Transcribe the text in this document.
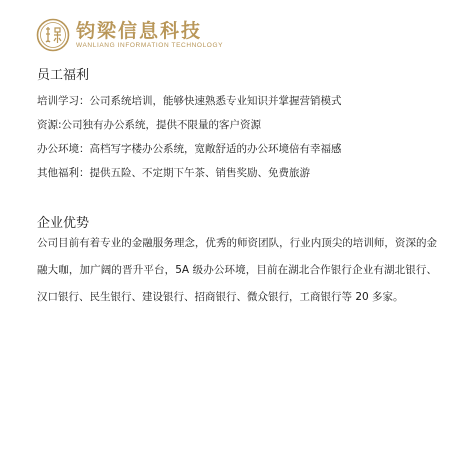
钧梁信息科技
WANLIANG INFORMATION TECHNOLOGY
员工福利
培训学习：公司系统培训，能够快速熟悉专业知识并掌握营销模式
资源:公司独有办公系统，提供不限量的客户资源
办公环境：高档写字楼办公系统，宽敞舒适的办公环境倍有幸福感
其他福利：提供五险、不定期下午茶、销售奖励、免费旅游
企业优势
公司目前有着专业的金融服务理念，优秀的师资团队，行业内顶尖的培训师，资深的金融大咖，加广阔的晋升平台，5A 级办公环境，目前在湖北合作银行企业有湖北银行、汉口银行、民生银行、建设银行、招商银行、微众银行，工商银行等 20 多家。
